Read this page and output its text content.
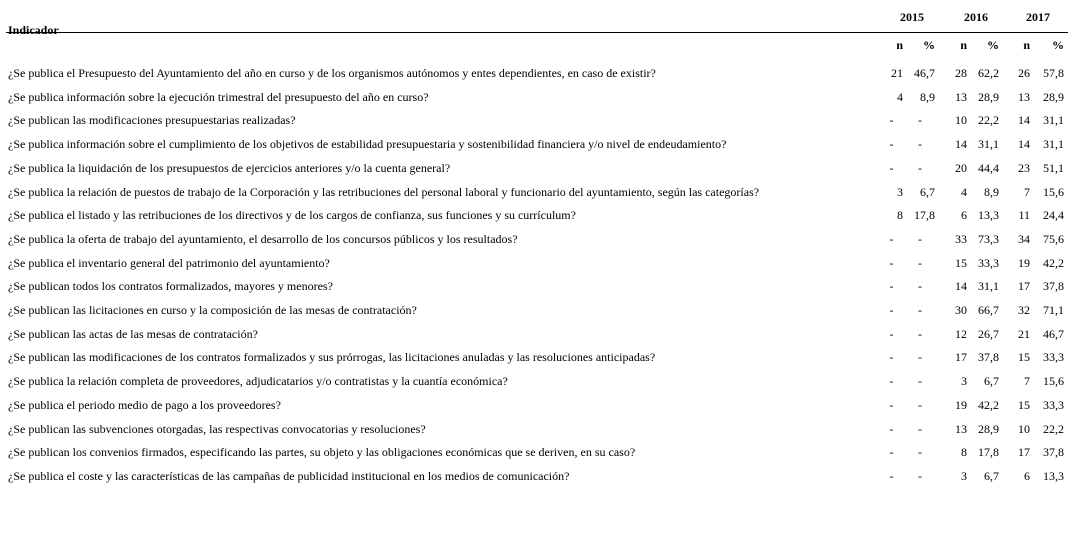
Indicador
2015	2016	2017
n	%	n	%	n	%
¿Se publica el Presupuesto del Ayuntamiento del año en curso y de los organismos autónomos y entes dependientes, en caso de existir?	21 46,7	28 62,2	26	57,8
¿Se publica información sobre la ejecución trimestral del presupuesto del año en curso?	4	8,9	13 28,9	13	28,9
¿Se publican las modificaciones presupuestarias realizadas?	-	-	10 22,2	14	31,1
¿Se publica información sobre el cumplimiento de los objetivos de estabilidad presupuestaria y sostenibilidad financiera y/o nivel de endeudamiento?	-	-	14 31,1	14	31,1
¿Se publica la liquidación de los presupuestos de ejercicios anteriores y/o la cuenta general?	-	-	20 44,4	23	51,1
¿Se publica la relación de puestos de trabajo de la Corporación y las retribuciones del personal laboral y funcionario del ayuntamiento, según las categorías?	3	6,7	4	8,9	7	15,6
¿Se publica el listado y las retribuciones de los directivos y de los cargos de confianza, sus funciones y su currículum?	8 17,8	6 13,3	11	24,4
¿Se publica la oferta de trabajo del ayuntamiento, el desarrollo de los concursos públicos y los resultados?	-	-	33 73,3	34	75,6
¿Se publica el inventario general del patrimonio del ayuntamiento?	-	-	15 33,3	19	42,2
¿Se publican todos los contratos formalizados, mayores y menores?	-	-	14 31,1	17	37,8
¿Se publican las licitaciones en curso y la composición de las mesas de contratación?	-	-	30 66,7	32	71,1
¿Se publican las actas de las mesas de contratación?	-	-	12 26,7	21	46,7
¿Se publican las modificaciones de los contratos formalizados y sus prórrogas, las licitaciones anuladas y las resoluciones anticipadas?	-	-	17 37,8	15	33,3
¿Se publica la relación completa de proveedores, adjudicatarios y/o contratistas y la cuantía económica?	-	-	3	6,7	7	15,6
¿Se publica el periodo medio de pago a los proveedores?	-	-	19 42,2	15	33,3
¿Se publican las subvenciones otorgadas, las respectivas convocatorias y resoluciones?	-	-	13 28,9	10	22,2
¿Se publican los convenios firmados, especificando las partes, su objeto y las obligaciones económicas que se deriven, en su caso?	-	-	8 17,8	17	37,8
¿Se publica el coste y las características de las campañas de publicidad institucional en los medios de comunicación?	-	-	3	6,7	6	13,3
